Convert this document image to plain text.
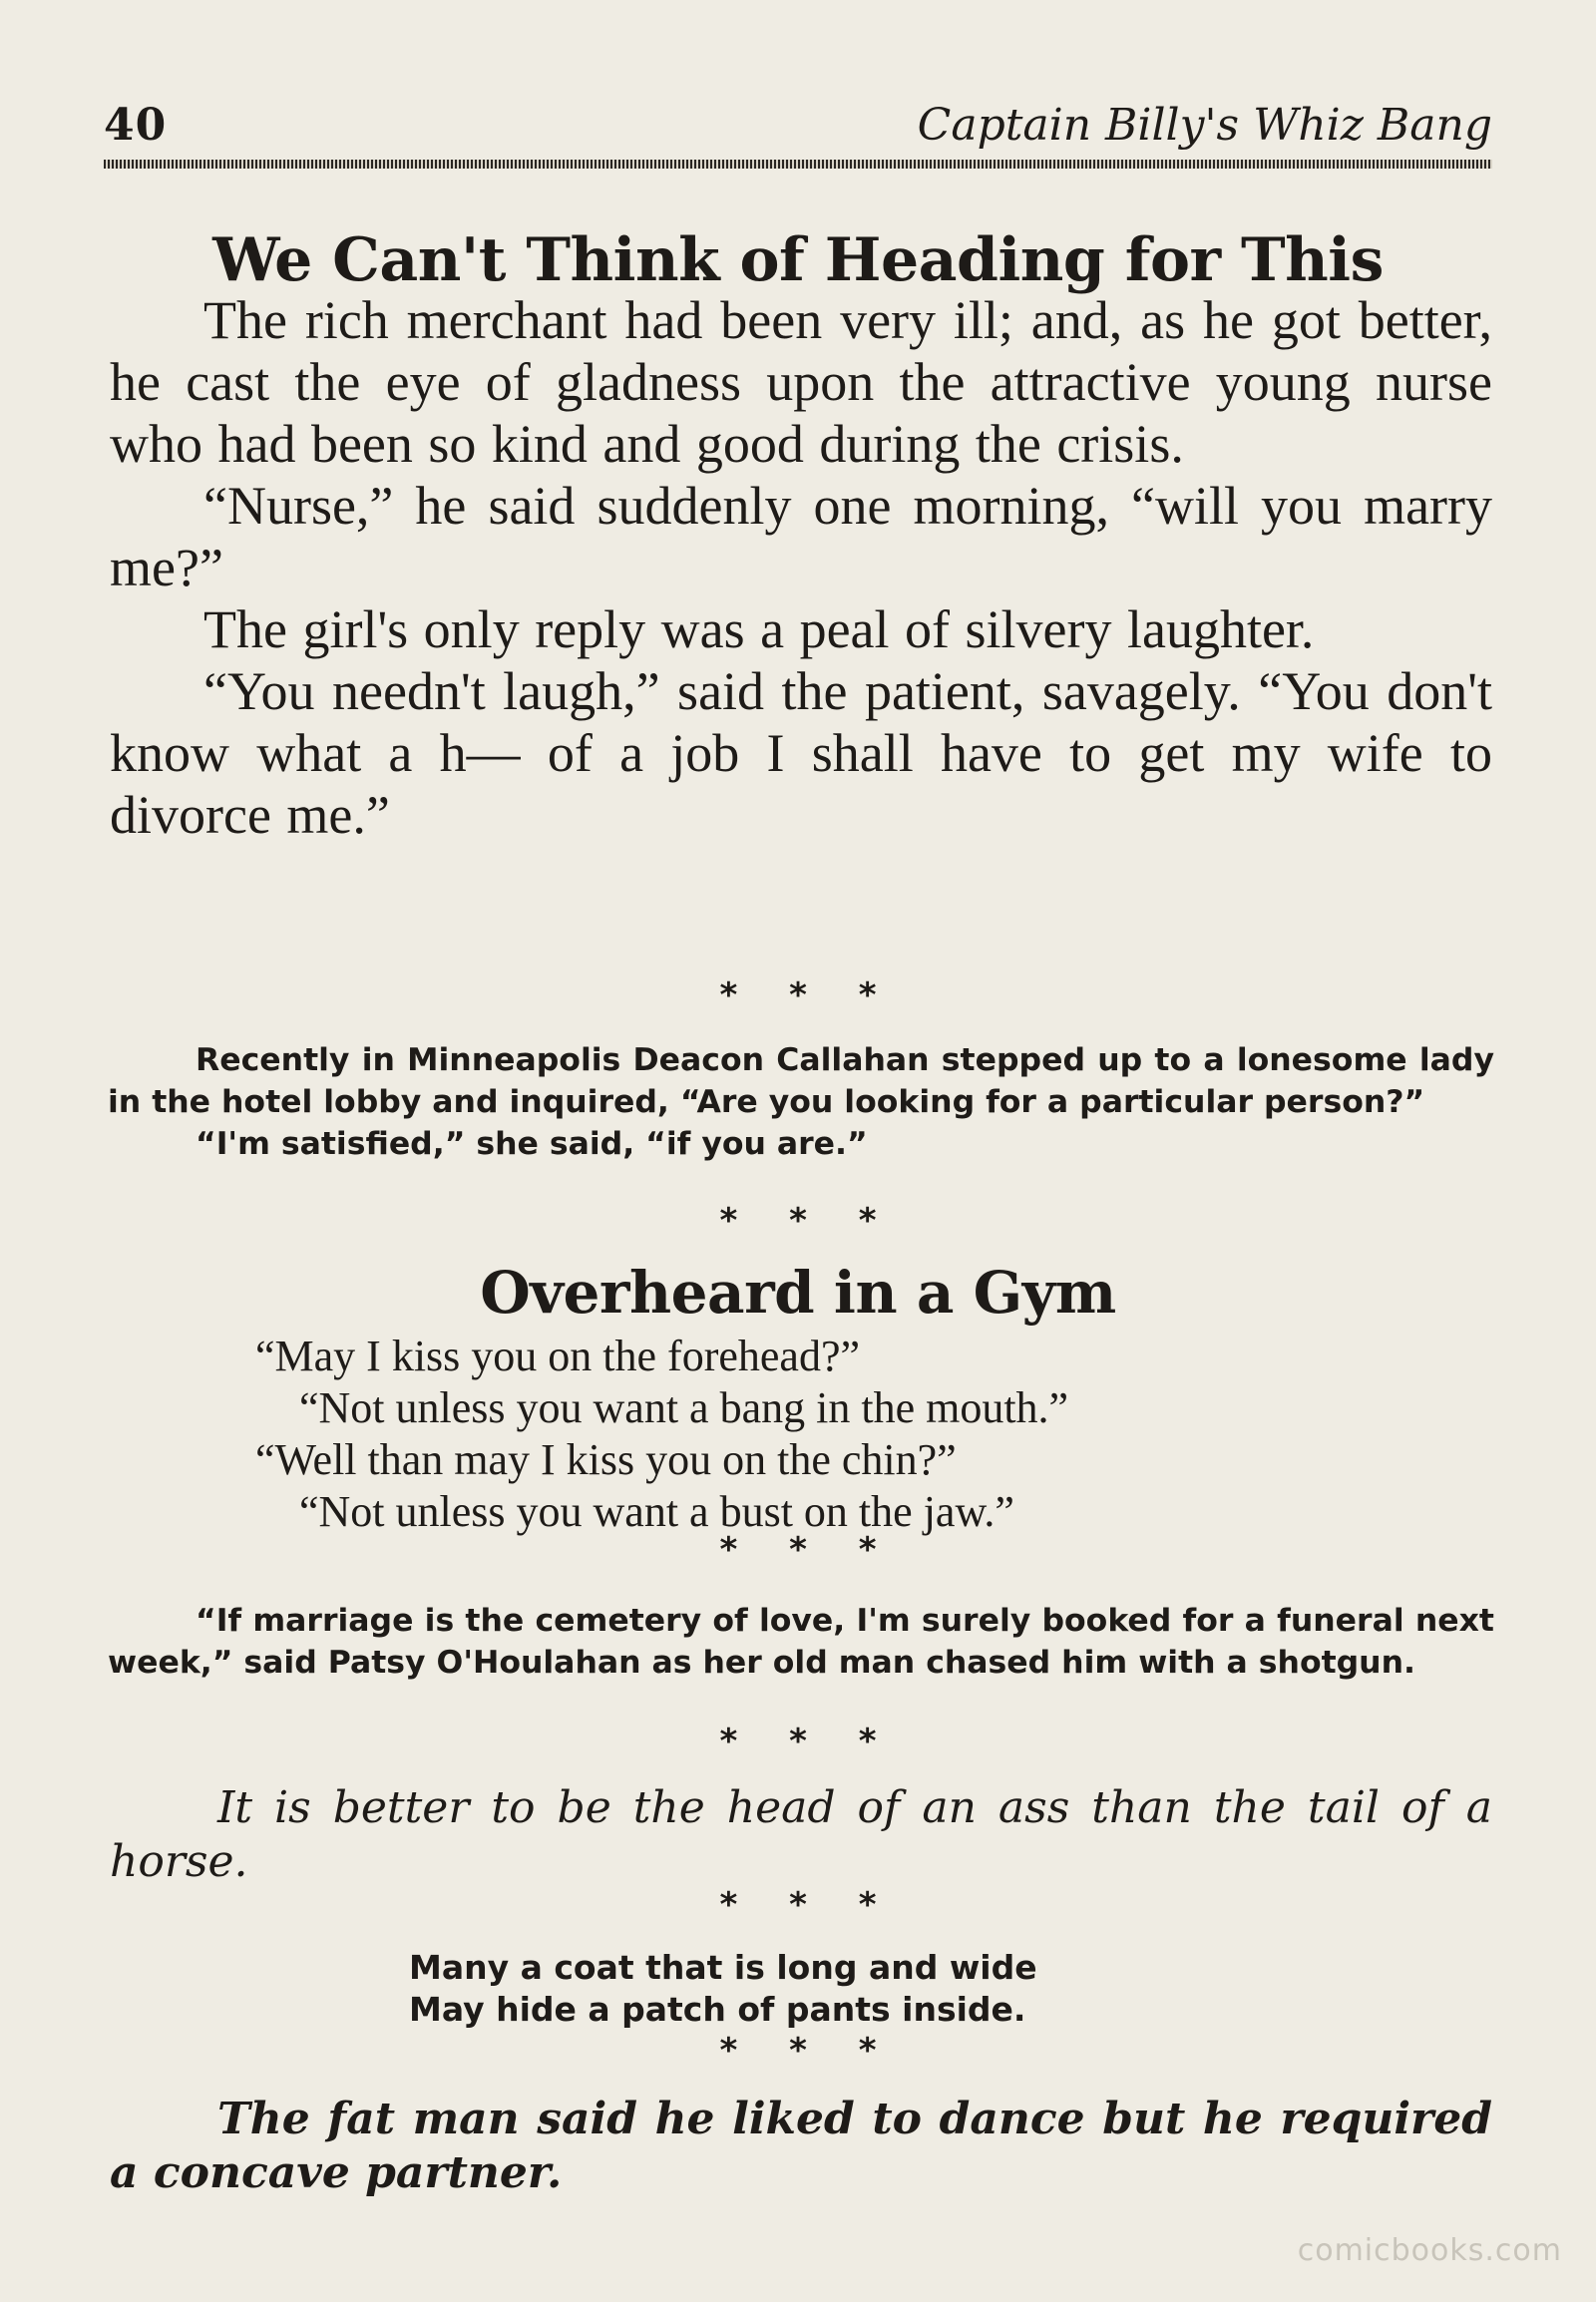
40	Captain Billy's Whiz Bang
We Can't Think of Heading for This

The rich merchant had been very ill; and, as he got better, he cast the eye of gladness upon the attractive young nurse who had been so kind and good during the crisis.

“Nurse,” he said suddenly one morning, “will you marry me?”

The girl's only reply was a peal of silvery laughter.

“You needn't laugh,” said the patient, savagely. “You don't know what a h— of a job I shall have to get my wife to divorce me.”

* * *

Recently in Minneapolis Deacon Callahan stepped up to a lonesome lady in the hotel lobby and inquired, “Are you looking for a particular person?”

“I'm satisfied,” she said, “if you are.”

* * *

Overheard in a Gym

“May I kiss you on the forehead?”

“Not unless you want a bang in the mouth.”

“Well than may I kiss you on the chin?”

“Not unless you want a bust on the jaw.”

* * *

“If marriage is the cemetery of love, I'm surely booked for a funeral next week,” said Patsy O'Houlahan as her old man chased him with a shotgun.

* * *

It is better to be the head of an ass than the tail of a horse.

* * *

Many a coat that is long and wide

May hide a patch of pants inside.

* * *

The fat man said he liked to dance but he required a concave partner.

comicbooks.com
